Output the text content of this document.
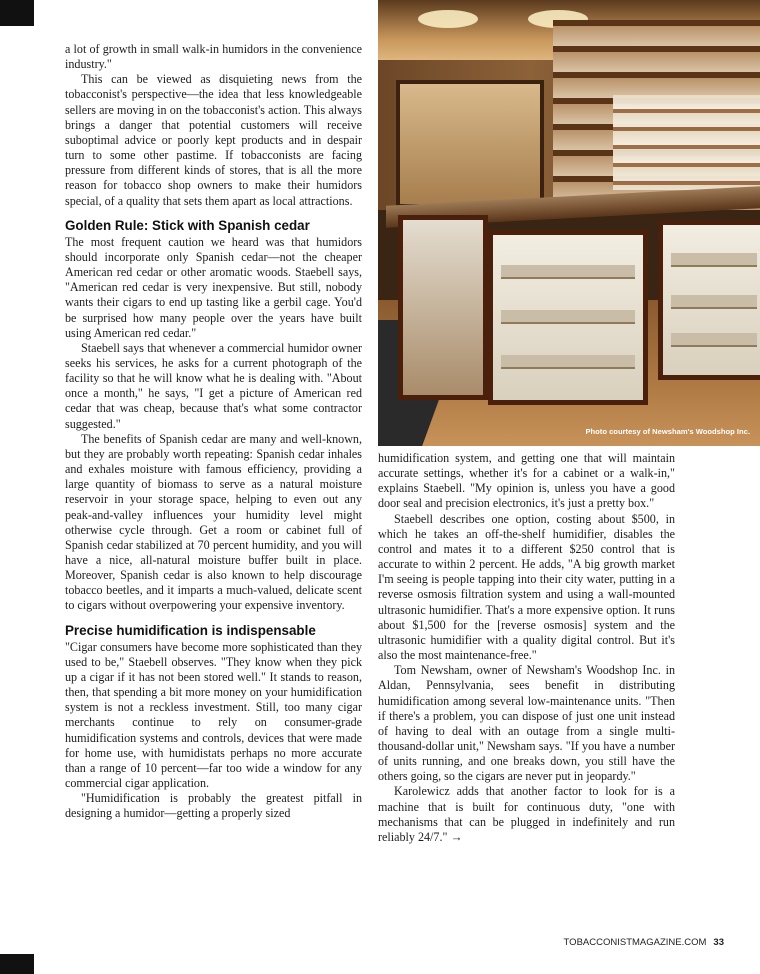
a lot of growth in small walk-in humidors in the convenience industry."

This can be viewed as disquieting news from the tobacconist's perspective—the idea that less knowledgeable sellers are moving in on the tobacconist's action. This always brings a danger that potential customers will receive suboptimal advice or poorly kept products and in despair turn to some other pastime. If tobacconists are facing pressure from different kinds of stores, that is all the more reason for tobacco shop owners to make their humidors special, of a quality that sets them apart as local attractions.

Golden Rule: Stick with Spanish cedar

The most frequent caution we heard was that humidors should incorporate only Spanish cedar—not the cheaper American red cedar or other aromatic woods. Staebell says, "American red cedar is very inexpensive. But still, nobody wants their cigars to end up tasting like a gerbil cage. You'd be surprised how many people over the years have built using American red cedar."

Staebell says that whenever a commercial humidor owner seeks his services, he asks for a current photograph of the facility so that he will know what he is dealing with. "About once a month," he says, "I get a picture of American red cedar that was cheap, because that's what some contractor suggested."

The benefits of Spanish cedar are many and well-known, but they are probably worth repeating: Spanish cedar inhales and exhales moisture with famous efficiency, providing a large quantity of biomass to serve as a natural moisture reservoir in your storage space, helping to even out any peak-and-valley influences your humidity level might otherwise cycle through. Get a room or cabinet full of Spanish cedar stabilized at 70 percent humidity, and you will have a nice, all-natural moisture buffer built in place. Moreover, Spanish cedar is also known to help discourage tobacco beetles, and it imparts a much-valued, delicate scent to cigars without overpowering your expensive inventory.

Precise humidification is indispensable

"Cigar consumers have become more sophisticated than they used to be," Staebell observes. "They know when they pick up a cigar if it has not been stored well." It stands to reason, then, that spending a bit more money on your humidification system is not a reckless investment. Still, too many cigar merchants continue to rely on consumer-grade humidification systems and controls, devices that were made for home use, with humidistats perhaps no more accurate than a range of 10 percent—far too wide a window for any commercial cigar application.

"Humidification is probably the greatest pitfall in designing a humidor—getting a properly sized

Photo courtesy of Newsham's Woodshop Inc.

humidification system, and getting one that will maintain accurate settings, whether it's for a cabinet or a walk-in," explains Staebell. "My opinion is, unless you have a good door seal and precision electronics, it's just a pretty box."

Staebell describes one option, costing about $500, in which he takes an off-the-shelf humidifier, disables the control and mates it to a different $250 control that is accurate to within 2 percent. He adds, "A big growth market I'm seeing is people tapping into their city water, putting in a reverse osmosis filtration system and using a wall-mounted ultrasonic humidifier. That's a more expensive option. It runs about $1,500 for the [reverse osmosis] system and the ultrasonic humidifier with a quality digital control. But it's also the most maintenance-free."

Tom Newsham, owner of Newsham's Woodshop Inc. in Aldan, Pennsylvania, sees benefit in distributing humidification among several low-maintenance units. "Then if there's a problem, you can dispose of just one unit instead of having to deal with an outage from a single multi-thousand-dollar unit," Newsham says. "If you have a number of units running, and one breaks down, you still have the others going, so the cigars are never put in jeopardy."

Karolewicz adds that another factor to look for is a machine that is built for continuous duty, "one with mechanisms that can be plugged in indefinitely and run reliably 24/7." →

TOBACCONISTMAGAZINE.COM 33
